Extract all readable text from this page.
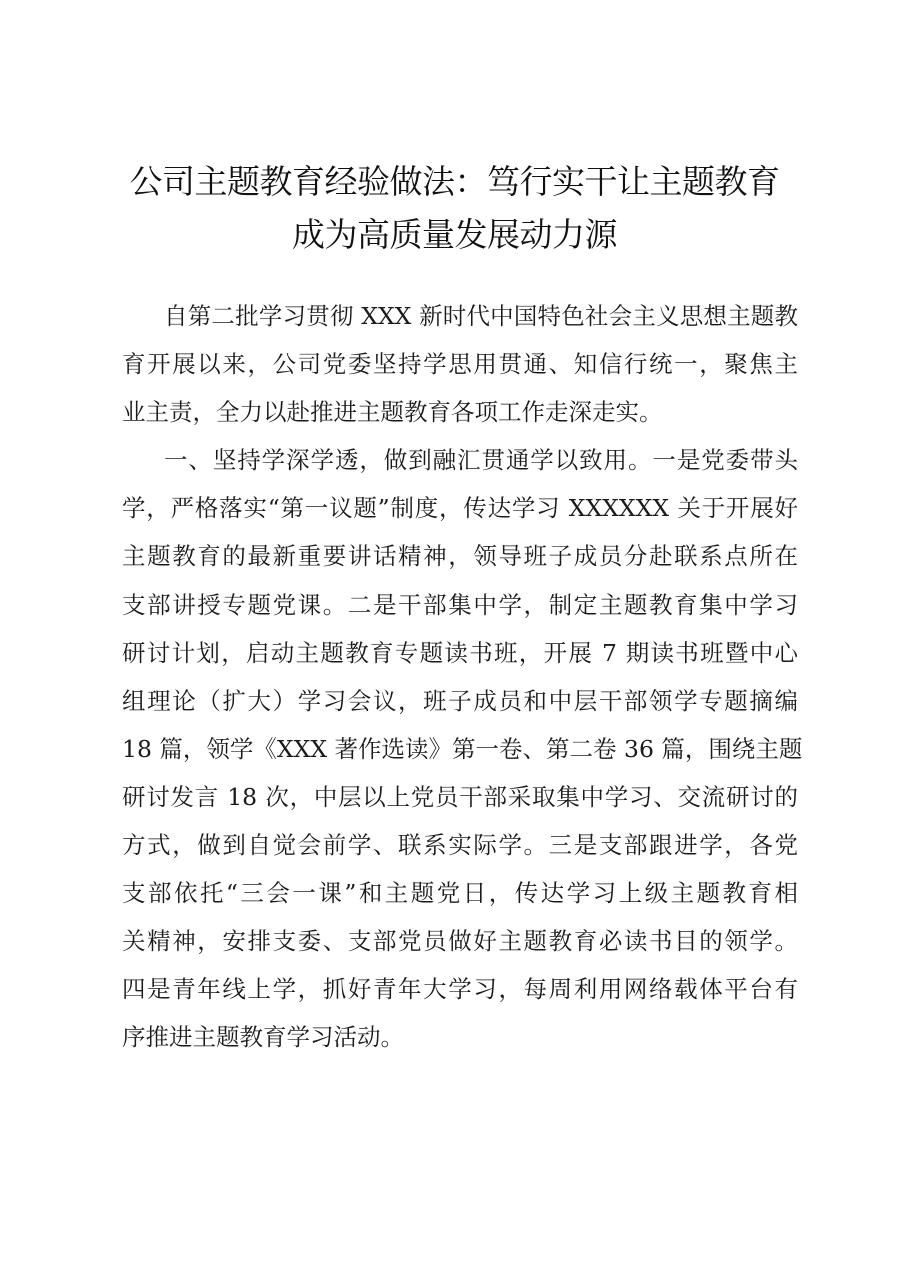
公司主题教育经验做法：笃行实干让主题教育
成为高质量发展动力源
自第二批学习贯彻 XXX 新时代中国特色社会主义思想主题教
育开展以来，公司党委坚持学思用贯通、知信行统一，聚焦主
业主责，全力以赴推进主题教育各项工作走深走实。
一、坚持学深学透，做到融汇贯通学以致用。一是党委带头
学，严格落实“第一议题”制度，传达学习 XXXXXX 关于开展好
主题教育的最新重要讲话精神，领导班子成员分赴联系点所在
支部讲授专题党课。二是干部集中学，制定主题教育集中学习
研讨计划，启动主题教育专题读书班，开展 7 期读书班暨中心
组理论（扩大）学习会议，班子成员和中层干部领学专题摘编
18 篇，领学《XXX 著作选读》第一卷、第二卷 36 篇，围绕主题
研讨发言 18 次，中层以上党员干部采取集中学习、交流研讨的
方式，做到自觉会前学、联系实际学。三是支部跟进学，各党
支部依托“三会一课”和主题党日，传达学习上级主题教育相
关精神，安排支委、支部党员做好主题教育必读书目的领学。
四是青年线上学，抓好青年大学习，每周利用网络载体平台有
序推进主题教育学习活动。
